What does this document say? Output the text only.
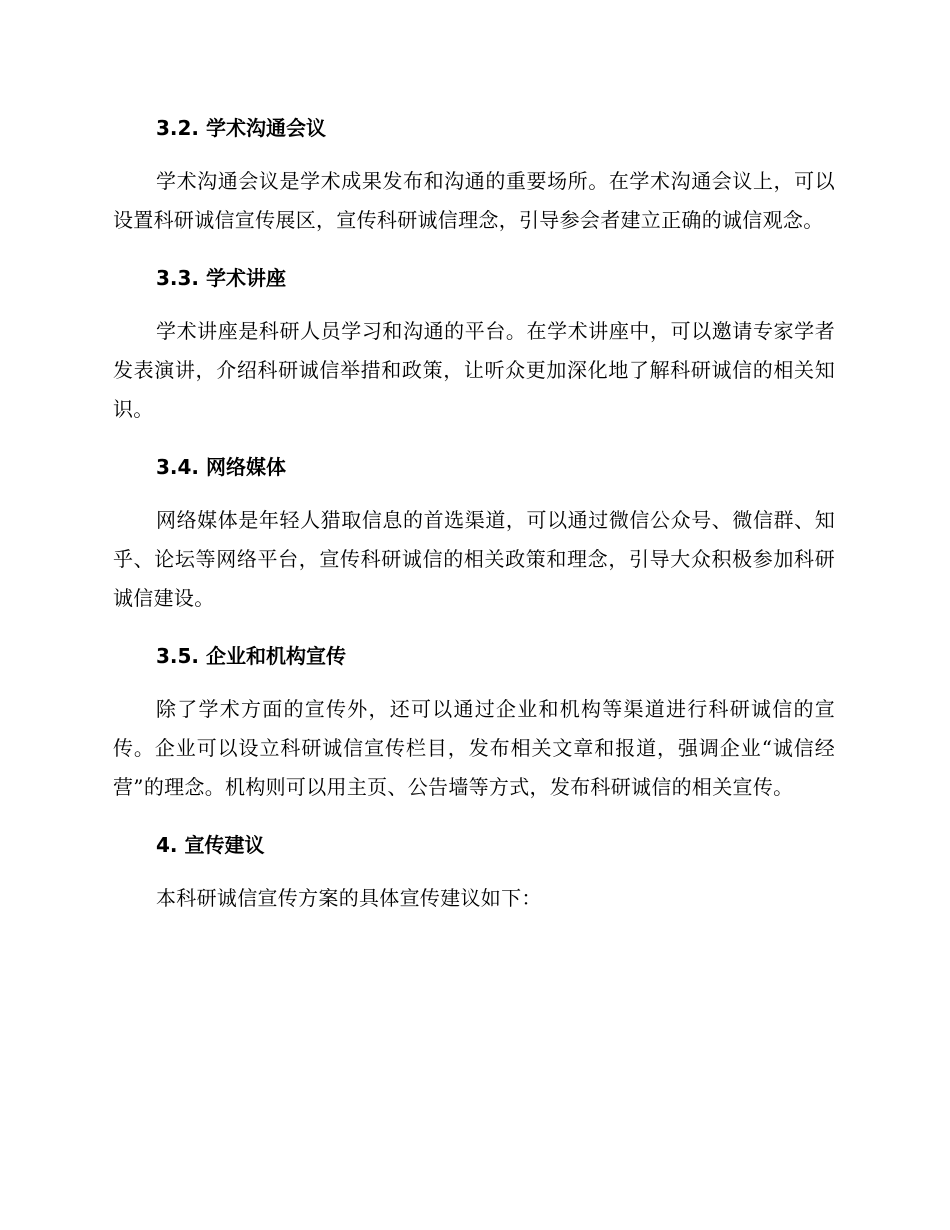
3.2. 学术沟通会议

学术沟通会议是学术成果发布和沟通的重要场所。在学术沟通会议上，可以设置科研诚信宣传展区，宣传科研诚信理念，引导参会者建立正确的诚信观念。

3.3. 学术讲座

学术讲座是科研人员学习和沟通的平台。在学术讲座中，可以邀请专家学者发表演讲，介绍科研诚信举措和政策，让听众更加深化地了解科研诚信的相关知识。

3.4. 网络媒体

网络媒体是年轻人猎取信息的首选渠道，可以通过微信公众号、微信群、知乎、论坛等网络平台，宣传科研诚信的相关政策和理念，引导大众积极参加科研诚信建设。

3.5. 企业和机构宣传

除了学术方面的宣传外，还可以通过企业和机构等渠道进行科研诚信的宣传。企业可以设立科研诚信宣传栏目，发布相关文章和报道，强调企业“诚信经营”的理念。机构则可以用主页、公告墙等方式，发布科研诚信的相关宣传。

4. 宣传建议

本科研诚信宣传方案的具体宣传建议如下：
